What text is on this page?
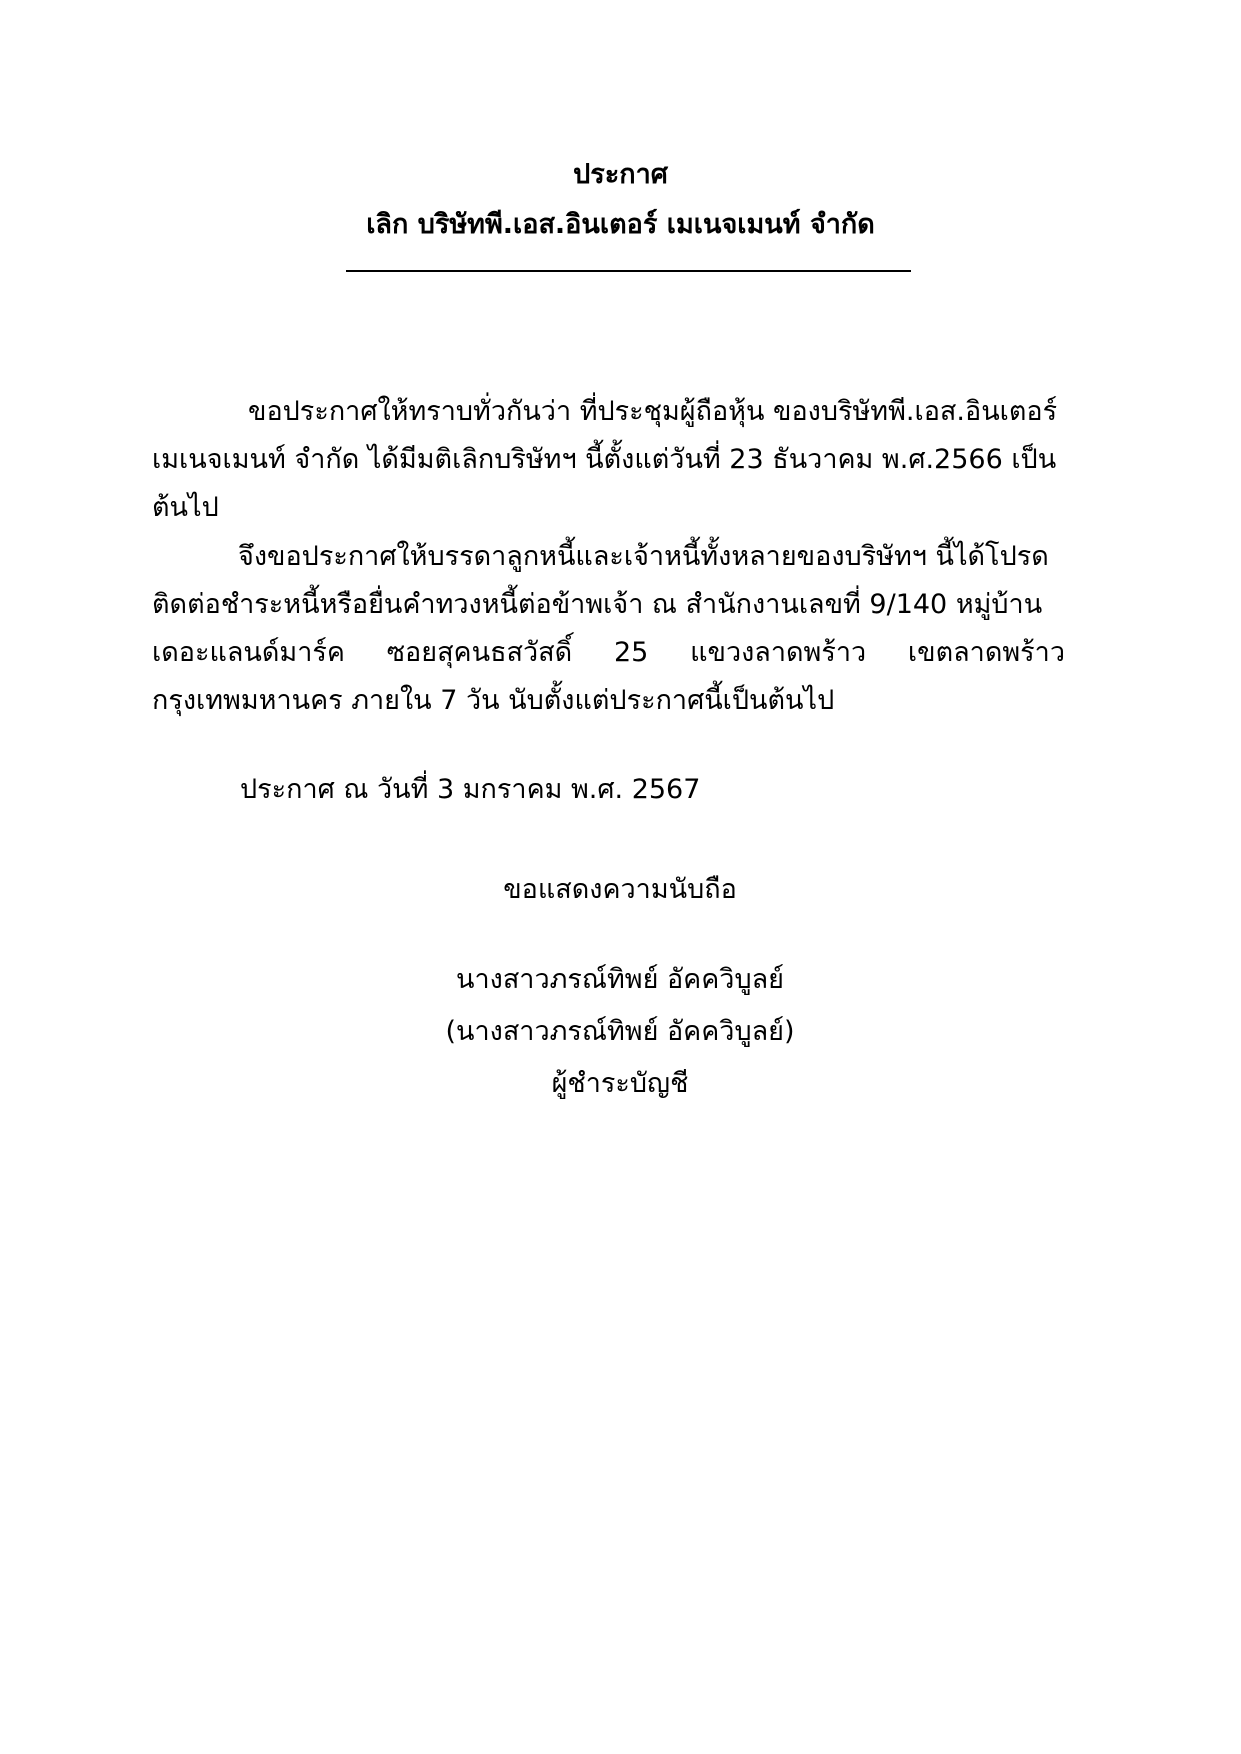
ประกาศ
เลิก บริษัทพี.เอส.อินเตอร์ เมเนจเมนท์ จำกัด
ขอประกาศให้ทราบทั่วกันว่า ที่ประชุมผู้ถือหุ้น ของบริษัทพี.เอส.อินเตอร์
เมเนจเมนท์ จำกัด ได้มีมติเลิกบริษัทฯ นี้ตั้งแต่วันที่ 23 ธันวาคม พ.ศ.2566 เป็น
ต้นไป
จึงขอประกาศให้บรรดาลูกหนี้และเจ้าหนี้ทั้งหลายของบริษัทฯ นี้ได้โปรด
ติดต่อชำระหนี้หรือยื่นคำทวงหนี้ต่อข้าพเจ้า ณ สำนักงานเลขที่ 9/140 หมู่บ้าน
เดอะแลนด์มาร์ค ซอยสุคนธสวัสดิ์ 25 แขวงลาดพร้าว เขตลาดพร้าว
กรุงเทพมหานคร ภายใน 7 วัน นับตั้งแต่ประกาศนี้เป็นต้นไป
ประกาศ ณ วันที่ 3 มกราคม พ.ศ. 2567
ขอแสดงความนับถือ
นางสาวภรณ์ทิพย์ อัคควิบูลย์
(นางสาวภรณ์ทิพย์ อัคควิบูลย์)
ผู้ชำระบัญชี
